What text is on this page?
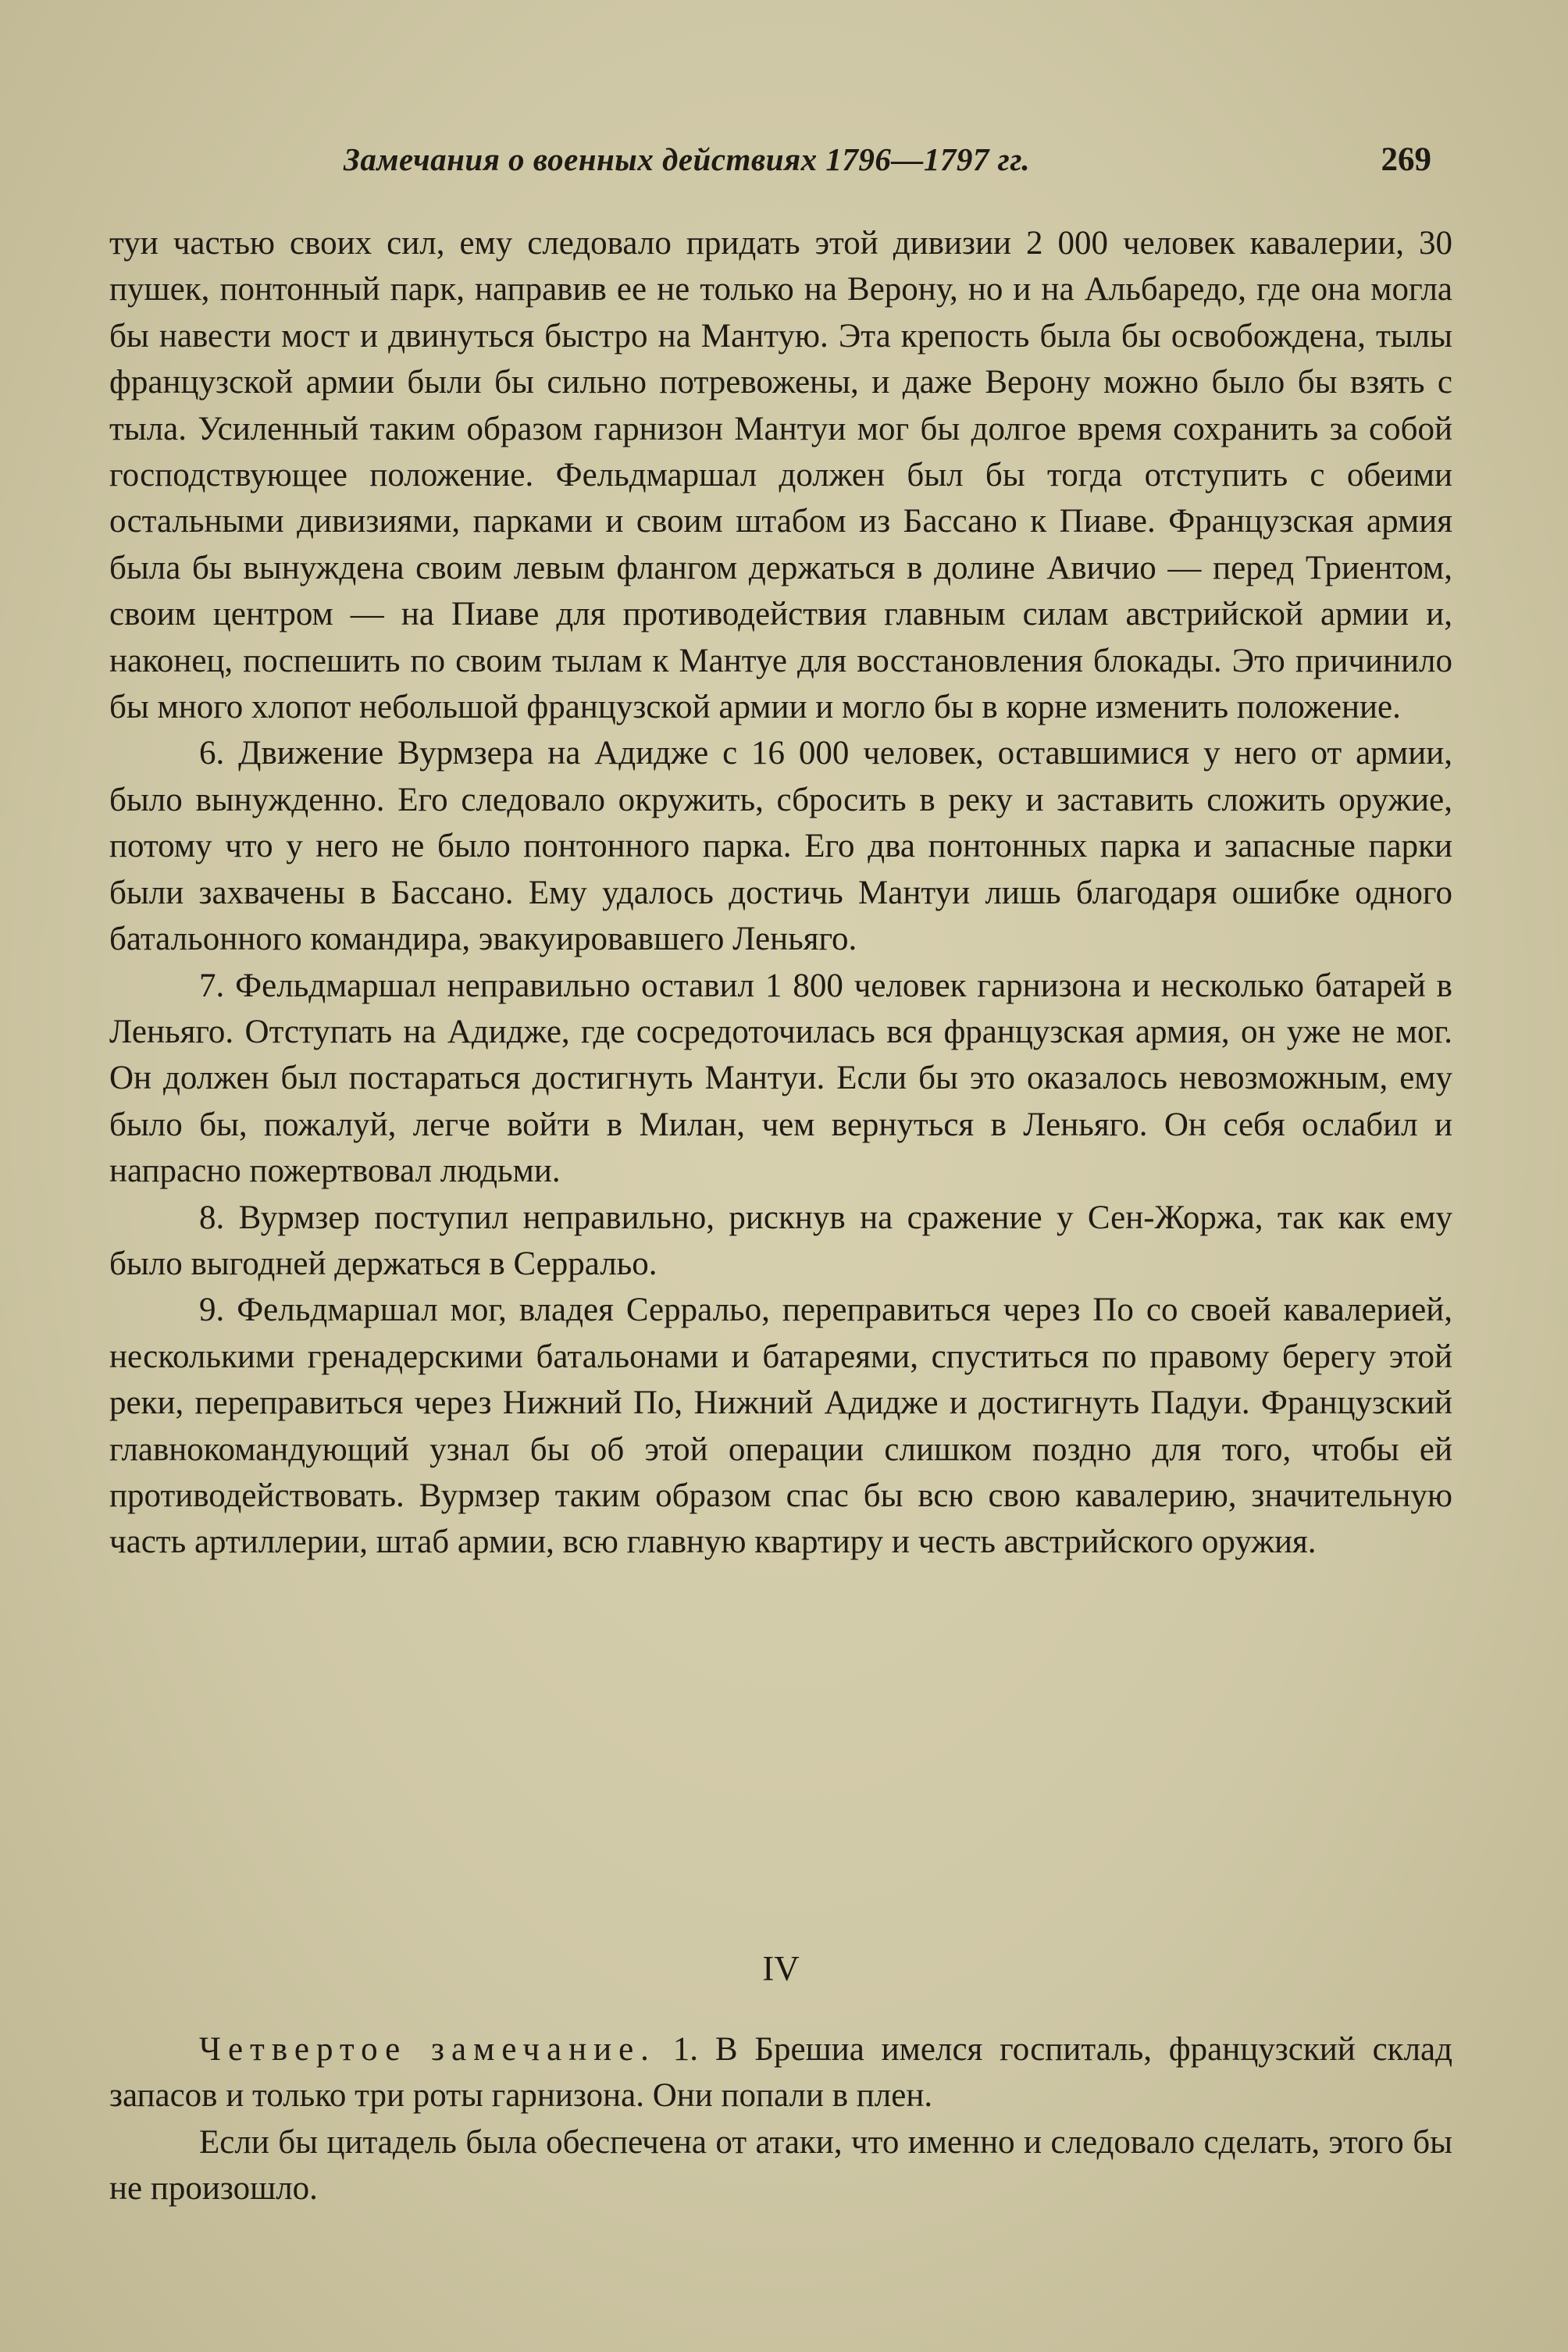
Замечания о военных действиях 1796—1797 гг.	269

туи частью своих сил, ему следовало придать этой дивизии 2 000 человек кавалерии, 30 пушек, понтонный парк, направив ее не только на Верону, но и на Альбаредо, где она могла бы навести мост и двинуться быстро на Мантую. Эта крепость была бы освобождена, тылы французской армии были бы сильно потревожены, и даже Верону можно было бы взять с тыла. Усиленный таким образом гарнизон Мантуи мог бы долгое время сохранить за собой господствующее положение. Фельдмаршал должен был бы тогда отступить с обеими остальными дивизиями, парками и своим штабом из Бассано к Пиаве. Французская армия была бы вынуждена своим левым флангом держаться в долине Авичио — перед Триентом, своим центром — на Пиаве для противодействия главным силам австрийской армии и, наконец, поспешить по своим тылам к Мантуе для восстановления блокады. Это причинило бы много хлопот небольшой французской армии и могло бы в корне изменить положение.

6. Движение Вурмзера на Адидже с 16 000 человек, оставшимися у него от армии, было вынужденно. Его следовало окружить, сбросить в реку и заставить сложить оружие, потому что у него не было понтонного парка. Его два понтонных парка и запасные парки были захвачены в Бассано. Ему удалось достичь Мантуи лишь благодаря ошибке одного батальонного командира, эвакуировавшего Леньяго.

7. Фельдмаршал неправильно оставил 1 800 человек гарнизона и несколько батарей в Леньяго. Отступать на Адидже, где сосредоточилась вся французская армия, он уже не мог. Он должен был постараться достигнуть Мантуи. Если бы это оказалось невозможным, ему было бы, пожалуй, легче войти в Милан, чем вернуться в Леньяго. Он себя ослабил и напрасно пожертвовал людьми.

8. Вурмзер поступил неправильно, рискнув на сражение у Сен-Жоржа, так как ему было выгодней держаться в Серральо.

9. Фельдмаршал мог, владея Серральо, переправиться через По со своей кавалерией, несколькими гренадерскими батальонами и батареями, спуститься по правому берегу этой реки, переправиться через Нижний По, Нижний Адидже и достигнуть Падуи. Французский главнокомандующий узнал бы об этой операции слишком поздно для того, чтобы ей противодействовать. Вурмзер таким образом спас бы всю свою кавалерию, значительную часть артиллерии, штаб армии, всю главную квартиру и честь австрийского оружия.

IV

Четвертое замечание. 1. В Брешиа имелся госпиталь, французский склад запасов и только три роты гарнизона. Они попали в плен.

Если бы цитадель была обеспечена от атаки, что именно и следовало сделать, этого бы не произошло.
